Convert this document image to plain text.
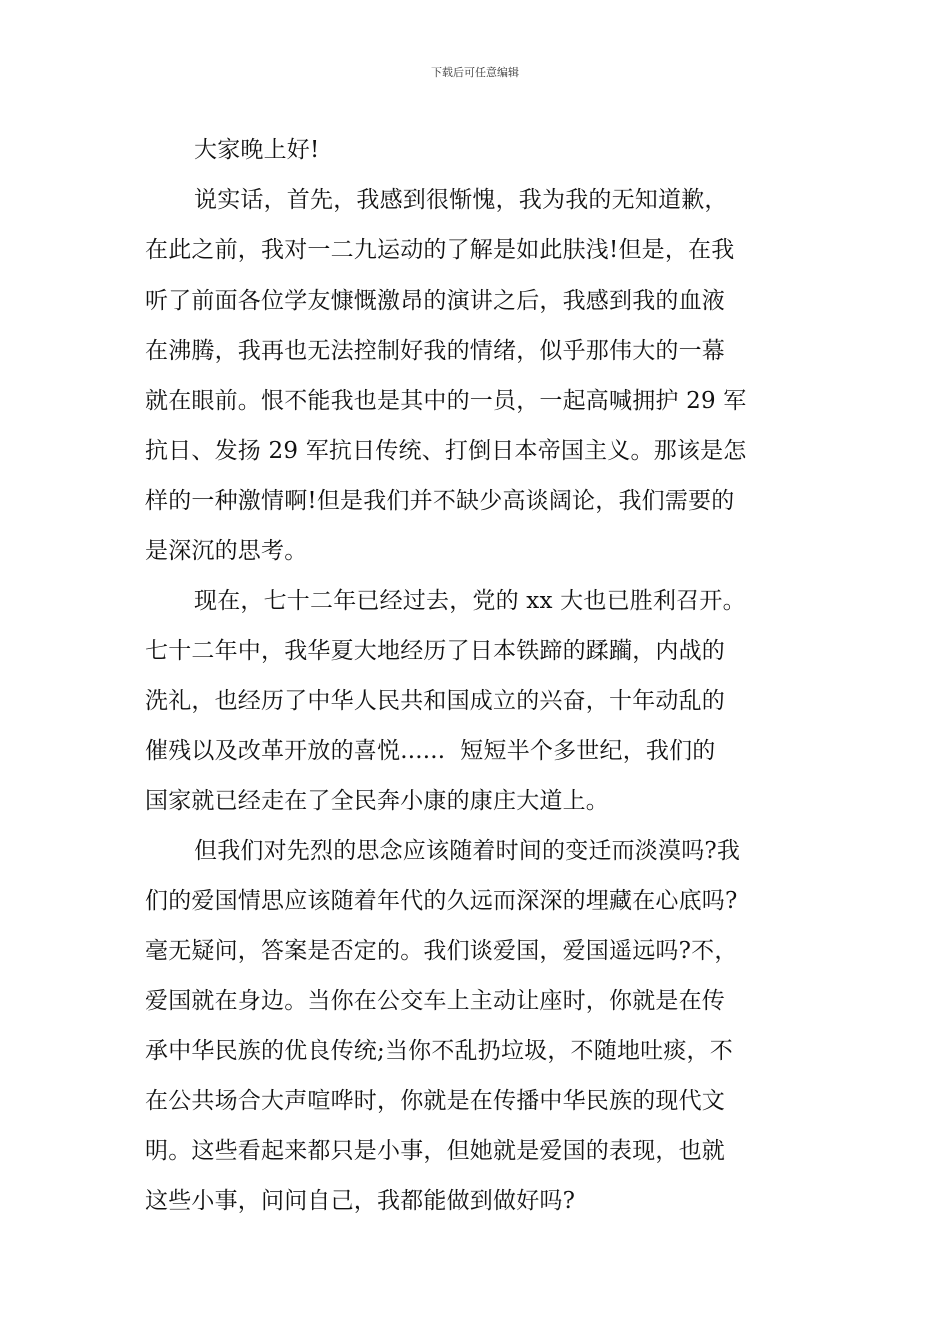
下载后可任意编辑
大家晚上好!
说实话，首先，我感到很惭愧，我为我的无知道歉，
在此之前，我对一二九运动的了解是如此肤浅!但是，在我
听了前面各位学友慷慨激昂的演讲之后，我感到我的血液
在沸腾，我再也无法控制好我的情绪，似乎那伟大的一幕
就在眼前。恨不能我也是其中的一员，一起高喊拥护 29 军
抗日、发扬 29 军抗日传统、打倒日本帝国主义。那该是怎
样的一种激情啊!但是我们并不缺少高谈阔论，我们需要的
是深沉的思考。
现在，七十二年已经过去，党的 xx 大也已胜利召开。
七十二年中，我华夏大地经历了日本铁蹄的蹂躏，内战的
洗礼，也经历了中华人民共和国成立的兴奋，十年动乱的
催残以及改革开放的喜悦......  短短半个多世纪，我们的
国家就已经走在了全民奔小康的康庄大道上。
但我们对先烈的思念应该随着时间的变迁而淡漠吗?我
们的爱国情思应该随着年代的久远而深深的埋藏在心底吗?
毫无疑问，答案是否定的。我们谈爱国，爱国遥远吗?不，
爱国就在身边。当你在公交车上主动让座时，你就是在传
承中华民族的优良传统;当你不乱扔垃圾，不随地吐痰，不
在公共场合大声喧哗时，你就是在传播中华民族的现代文
明。这些看起来都只是小事，但她就是爱国的表现，也就
这些小事，问问自己，我都能做到做好吗?
